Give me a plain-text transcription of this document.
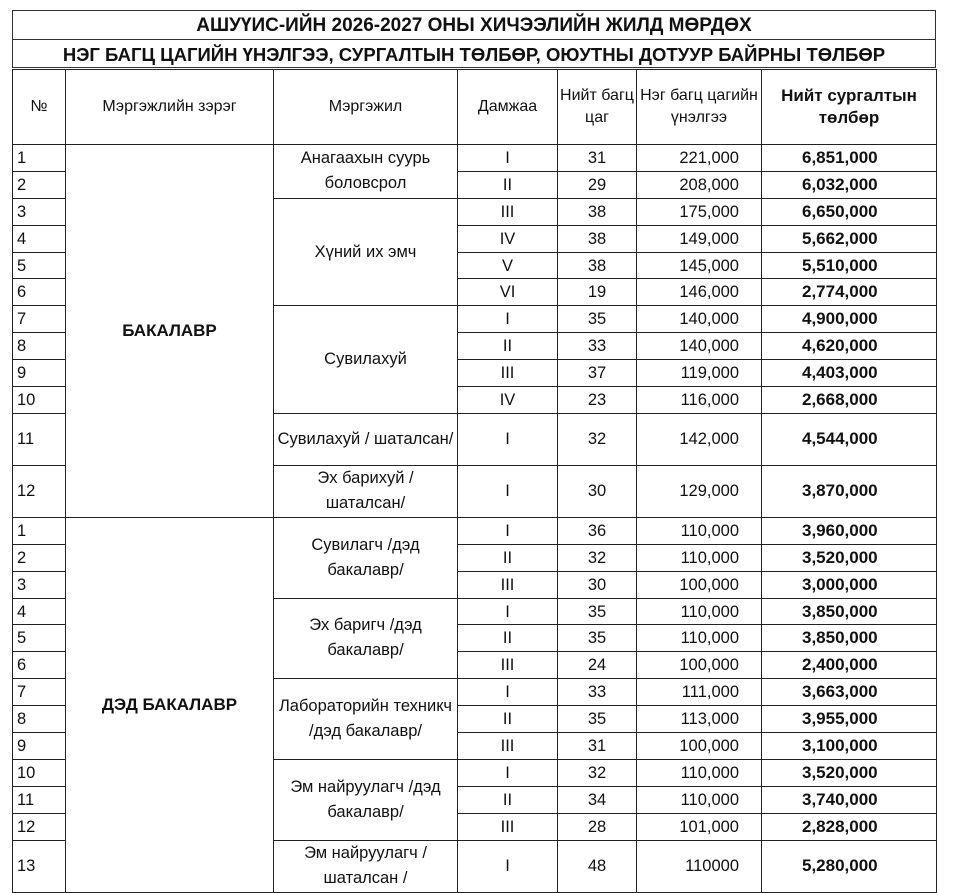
АШУҮИС-ИЙН 2026-2027 ОНЫ ХИЧЭЭЛИЙН ЖИЛД МӨРДӨХ
НЭГ БАГЦ ЦАГИЙН ҮНЭЛГЭЭ, СУРГАЛТЫН ТӨЛБӨР, ОЮУТНЫ ДОТУУР БАЙРНЫ ТӨЛБӨР
№	Мэргэжлийн зэрэг	Мэргэжил	Дамжаа	Нийт багц цаг	Нэг багц цагийн үнэлгээ	Нийт сургалтын төлбөр
1	БАКАЛАВР	Анагаахын суурь боловсрол	I	31	221,000	6,851,000
2			II	29	208,000	6,032,000
3		Хүний их эмч	III	38	175,000	6,650,000
4			IV	38	149,000	5,662,000
5			V	38	145,000	5,510,000
6			VI	19	146,000	2,774,000
7		Сувилахуй	I	35	140,000	4,900,000
8			II	33	140,000	4,620,000
9			III	37	119,000	4,403,000
10			IV	23	116,000	2,668,000
11		Сувилахуй / шаталсан/	I	32	142,000	4,544,000
12		Эх барихуй / шаталсан/	I	30	129,000	3,870,000
1	ДЭД БАКАЛАВР	Сувилагч /дэд бакалавр/	I	36	110,000	3,960,000
2			II	32	110,000	3,520,000
3			III	30	100,000	3,000,000
4		Эх баригч /дэд бакалавр/	I	35	110,000	3,850,000
5			II	35	110,000	3,850,000
6			III	24	100,000	2,400,000
7		Лабораторийн техникч /дэд бакалавр/	I	33	111,000	3,663,000
8			II	35	113,000	3,955,000
9			III	31	100,000	3,100,000
10		Эм найруулагч /дэд бакалавр/	I	32	110,000	3,520,000
11			II	34	110,000	3,740,000
12			III	28	101,000	2,828,000
13		Эм найруулагч / шаталсан /	I	48	110000	5,280,000
